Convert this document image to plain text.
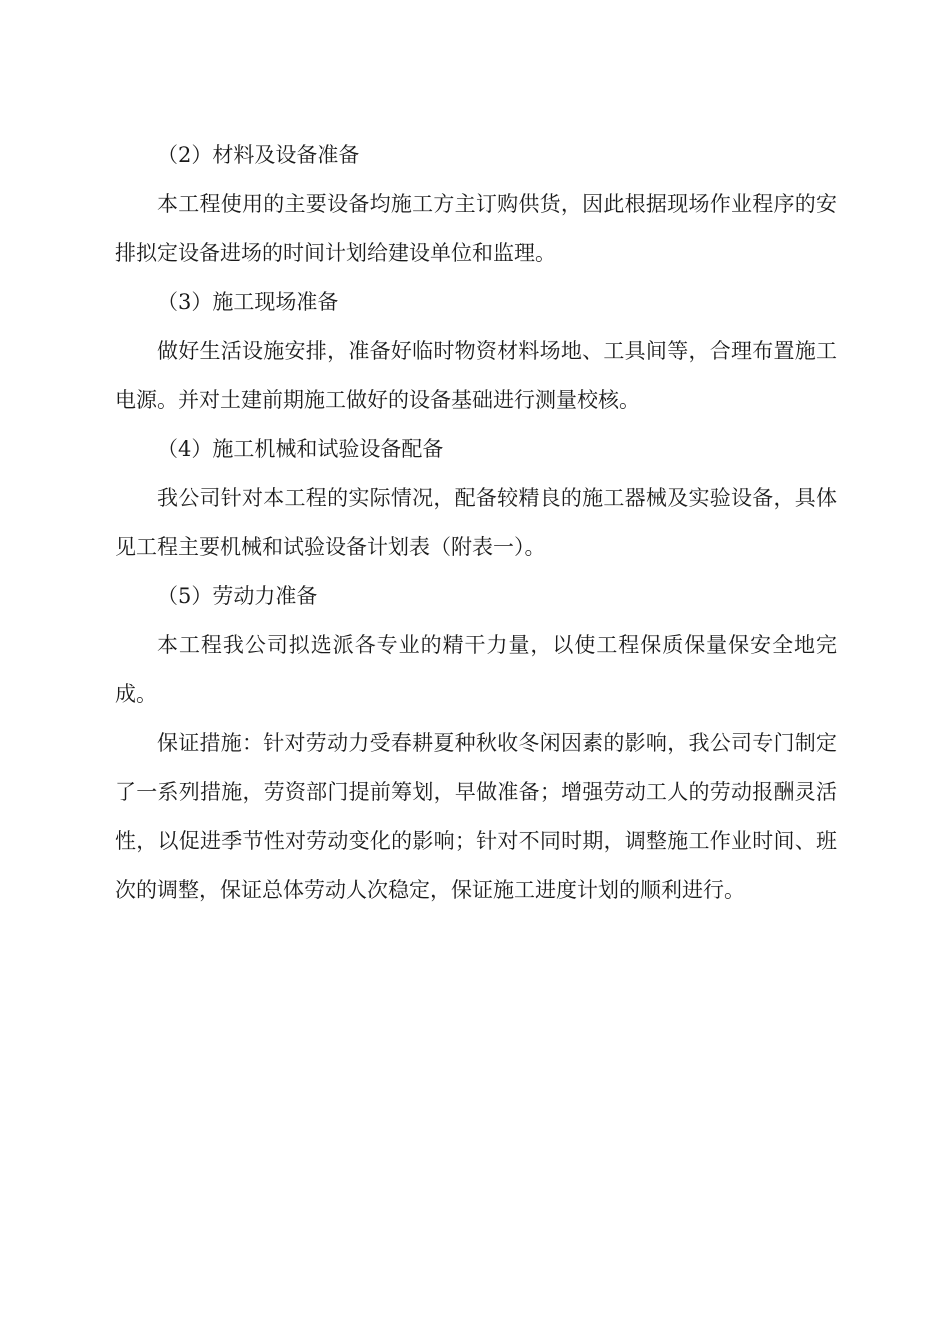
（2）材料及设备准备

本工程使用的主要设备均施工方主订购供货，因此根据现场作业程序的安排拟定设备进场的时间计划给建设单位和监理。

（3）施工现场准备

做好生活设施安排，准备好临时物资材料场地、工具间等，合理布置施工电源。并对土建前期施工做好的设备基础进行测量校核。

（4）施工机械和试验设备配备

我公司针对本工程的实际情况，配备较精良的施工器械及实验设备，具体见工程主要机械和试验设备计划表（附表一）。

（5）劳动力准备

本工程我公司拟选派各专业的精干力量，以使工程保质保量保安全地完成。

保证措施：针对劳动力受春耕夏种秋收冬闲因素的影响，我公司专门制定了一系列措施，劳资部门提前筹划，早做准备；增强劳动工人的劳动报酬灵活性，以促进季节性对劳动变化的影响；针对不同时期，调整施工作业时间、班次的调整，保证总体劳动人次稳定，保证施工进度计划的顺利进行。
